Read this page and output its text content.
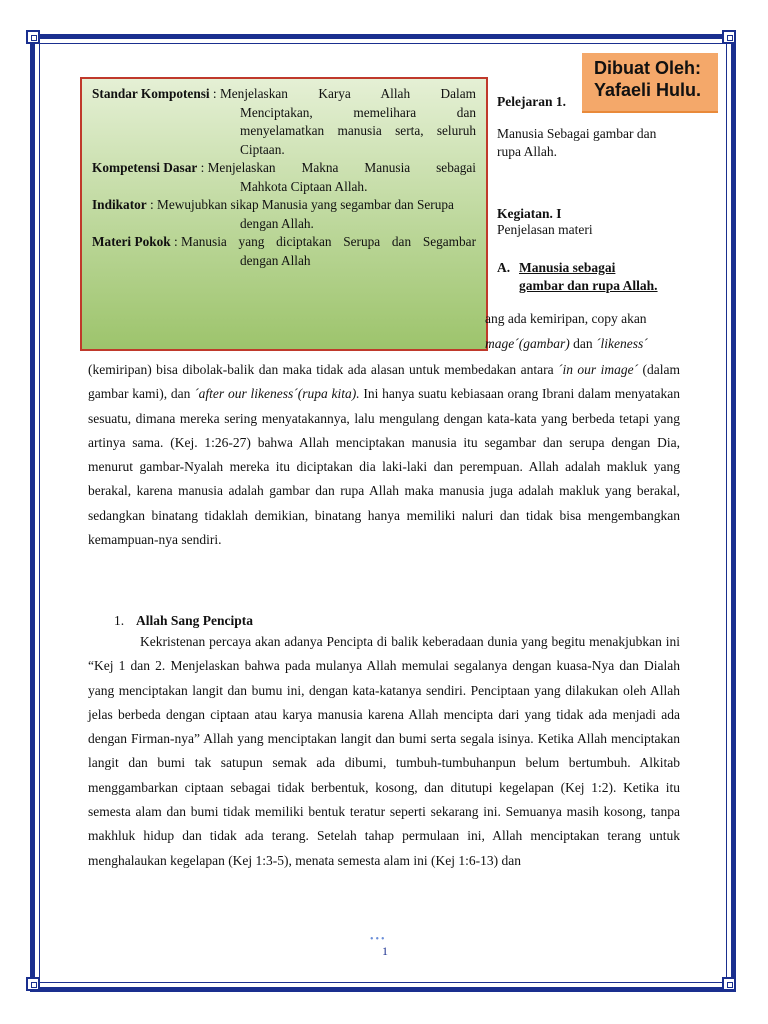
Dibuat Oleh:
Yafaeli Hulu.
Standar Kompotensi : Menjelaskan Karya Allah Dalam
Menciptakan, memelihara dan menyelamatkan manusia serta, seluruh Ciptaan.
Kompetensi Dasar : Menjelaskan Makna Manusia sebagai
Mahkota Ciptaan Allah.
Indikator : Mewujubkan sikap Manusia yang segambar dan Serupa
dengan Allah.
Materi Pokok : Manusia yang diciptakan Serupa dan Segambar
dengan Allah
Pelejaran 1.
Manusia Sebagai gambar dan rupa Allah.
Kegiatan. I
Penjelasan materi
A. Manusia sebagai
gambar dan rupa Allah.
ang ada kemiripan, copy akan
mage´(gambar) dan ´likeness´
(kemiripan) bisa dibolak-balik dan maka tidak ada alasan untuk membedakan antara ´in our image´ (dalam gambar kami), dan ´after our likeness´(rupa kita). Ini hanya suatu kebiasaan orang Ibrani dalam menyatakan sesuatu, dimana mereka sering menyatakannya, lalu mengulang dengan kata-kata yang berbeda tetapi yang artinya sama. (Kej. 1:26-27) bahwa Allah menciptakan manusia itu segambar dan serupa dengan Dia, menurut gambar-Nyalah mereka itu diciptakan dia laki-laki dan perempuan. Allah adalah makluk yang berakal, karena manusia adalah gambar dan rupa Allah maka manusia juga adalah makluk yang berakal, sedangkan binatang tidaklah demikian, binatang hanya memiliki naluri dan tidak bisa mengembangkan kemampuan-nya sendiri.
1. Allah Sang Pencipta
Kekristenan percaya akan adanya Pencipta di balik keberadaan dunia yang begitu menakjubkan ini “Kej 1 dan 2. Menjelaskan bahwa pada mulanya Allah memulai segalanya dengan kuasa-Nya dan Dialah yang menciptakan langit dan bumu ini, dengan kata-katanya sendiri. Penciptaan yang dilakukan oleh Allah jelas berbeda dengan ciptaan atau karya manusia karena Allah mencipta dari yang tidak ada menjadi ada dengan Firman-nya” Allah yang menciptakan langit dan bumi serta segala isinya. Ketika Allah menciptakan langit dan bumi tak satupun semak ada dibumi, tumbuh-tumbuhanpun belum bertumbuh. Alkitab menggambarkan ciptaan sebagai tidak berbentuk, kosong, dan ditutupi kegelapan (Kej 1:2). Ketika itu semesta alam dan bumi tidak memiliki bentuk teratur seperti sekarang ini. Semuanya masih kosong, tanpa makhluk hidup dan tidak ada terang. Setelah tahap permulaan ini, Allah menciptakan terang untuk menghalaukan kegelapan (Kej 1:3-5), menata semesta alam ini (Kej 1:6-13) dan
•••
1
